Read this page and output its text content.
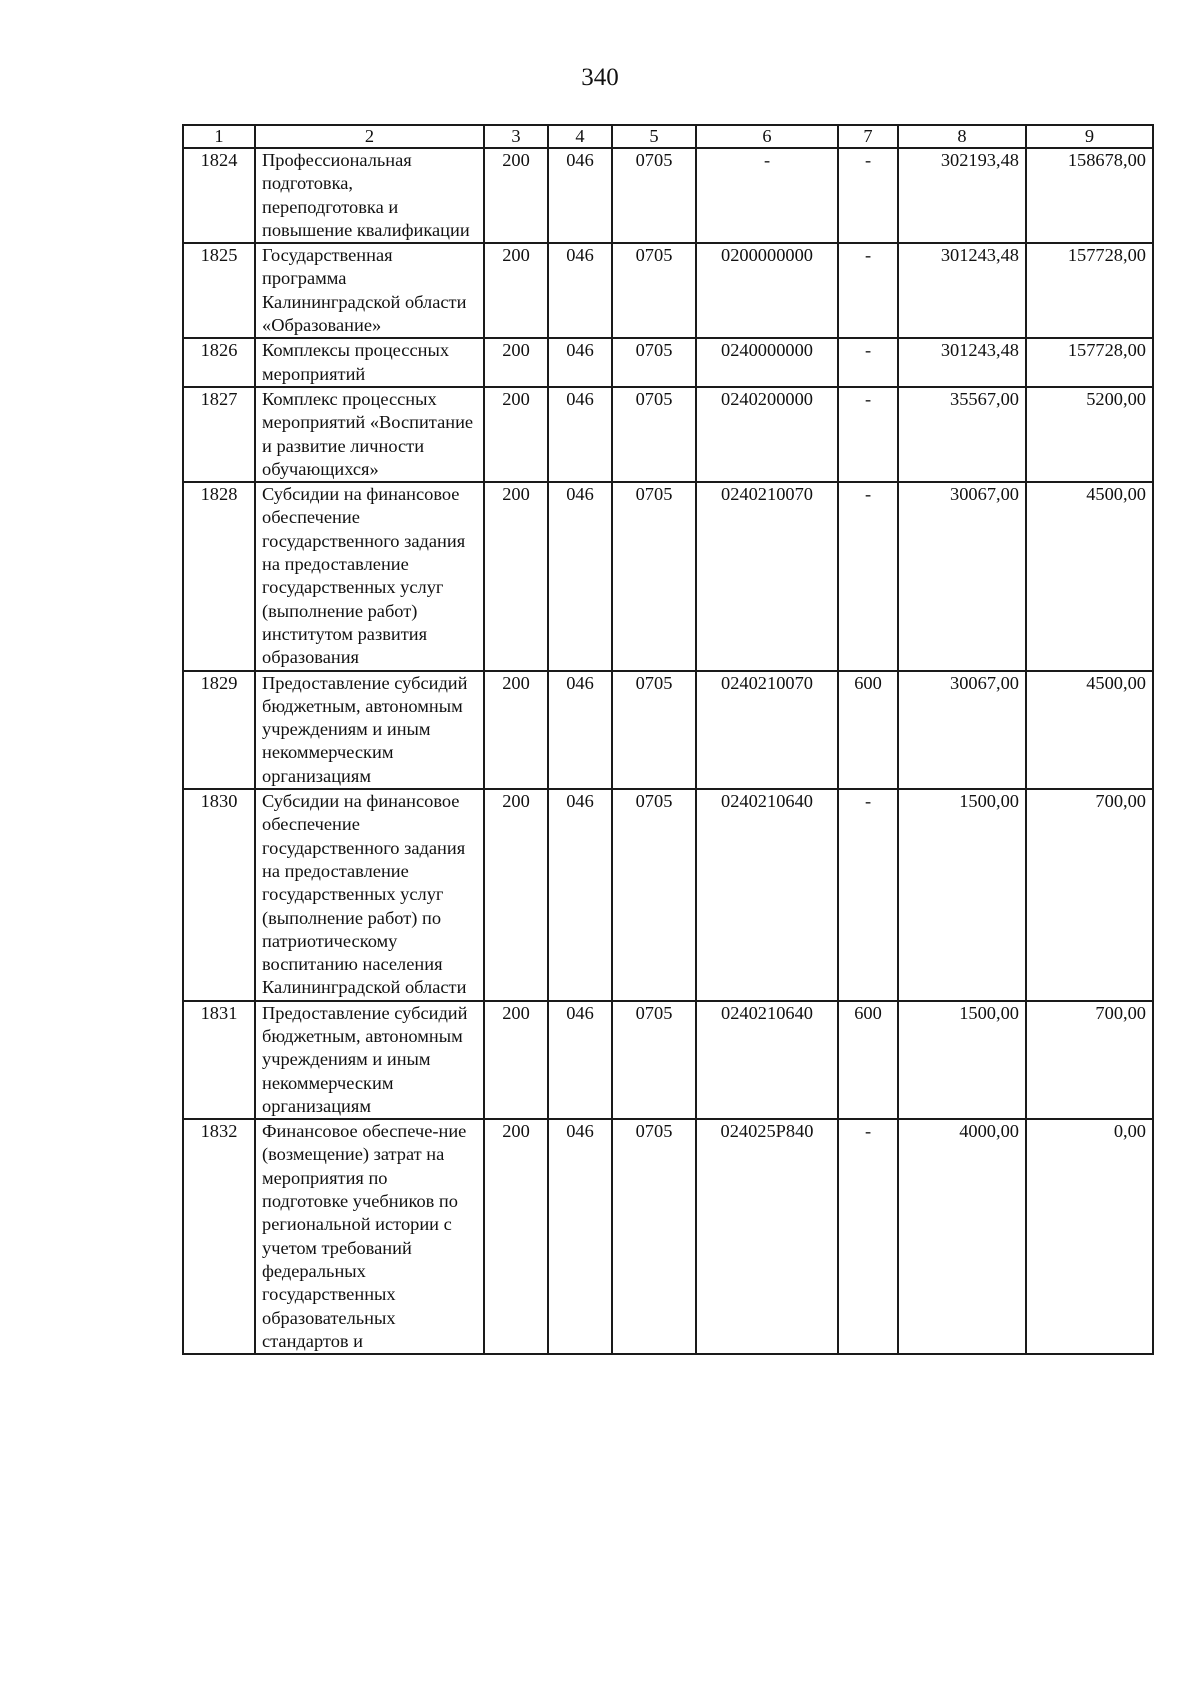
340
1	2	3	4	5	6	7	8	9
1824	Профессиональная подготовка, переподготовка и повышение квалификации	200	046	0705	-	-	302193,48	158678,00
1825	Государственная программа Калининградской области «Образование»	200	046	0705	0200000000	-	301243,48	157728,00
1826	Комплексы процессных мероприятий	200	046	0705	0240000000	-	301243,48	157728,00
1827	Комплекс процессных мероприятий «Воспитание и развитие личности обучающихся»	200	046	0705	0240200000	-	35567,00	5200,00
1828	Субсидии на финансовое обеспечение государственного задания на предоставление государственных услуг (выполнение работ) институтом развития образования	200	046	0705	0240210070	-	30067,00	4500,00
1829	Предоставление субсидий бюджетным, автономным учреждениям и иным некоммерческим организациям	200	046	0705	0240210070	600	30067,00	4500,00
1830	Субсидии на финансовое обеспечение государственного задания на предоставление государственных услуг (выполнение работ) по патриотическому воспитанию населения Калининградской области	200	046	0705	0240210640	-	1500,00	700,00
1831	Предоставление субсидий бюджетным, автономным учреждениям и иным некоммерческим организациям	200	046	0705	0240210640	600	1500,00	700,00
1832	Финансовое обеспече-ние (возмещение) затрат на мероприятия по подготовке учебников по региональной истории с учетом требований федеральных государственных образовательных стандартов и	200	046	0705	024025Р840	-	4000,00	0,00
